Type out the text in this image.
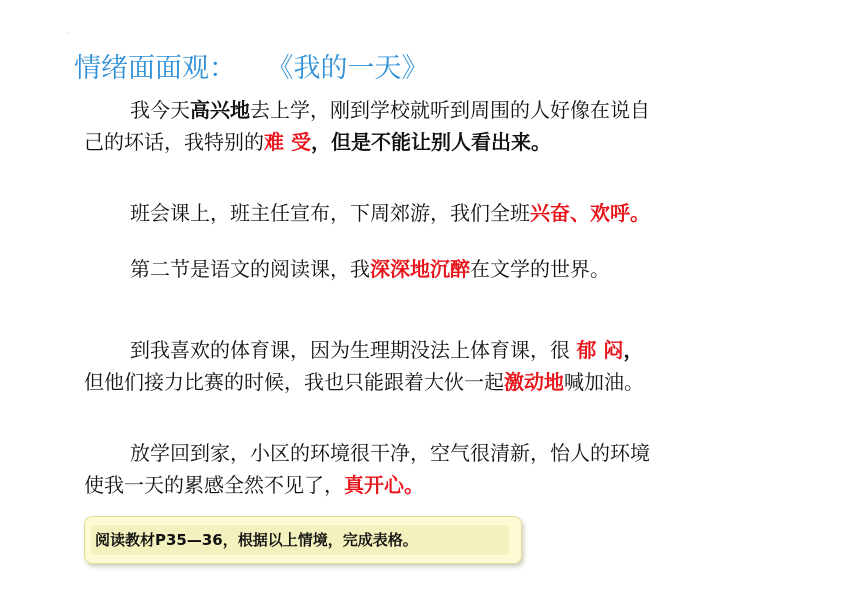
·
情绪面面观： 《我的一天》
我今天高兴地去上学，刚到学校就听到周围的人好像在说自
己的坏话，我特别的难 受，但是不能让别人看出来。
班会课上，班主任宣布，下周郊游，我们全班兴奋、欢呼。
第二节是语文的阅读课，我深深地沉醉在文学的世界。
到我喜欢的体育课，因为生理期没法上体育课，很 郁 闷，
但他们接力比赛的时候，我也只能跟着大伙一起激动地喊加油。
放学回到家，小区的环境很干净，空气很清新，怡人的环境
使我一天的累感全然不见了，真开心。
阅读教材P35—36，根据以上情境，完成表格。
